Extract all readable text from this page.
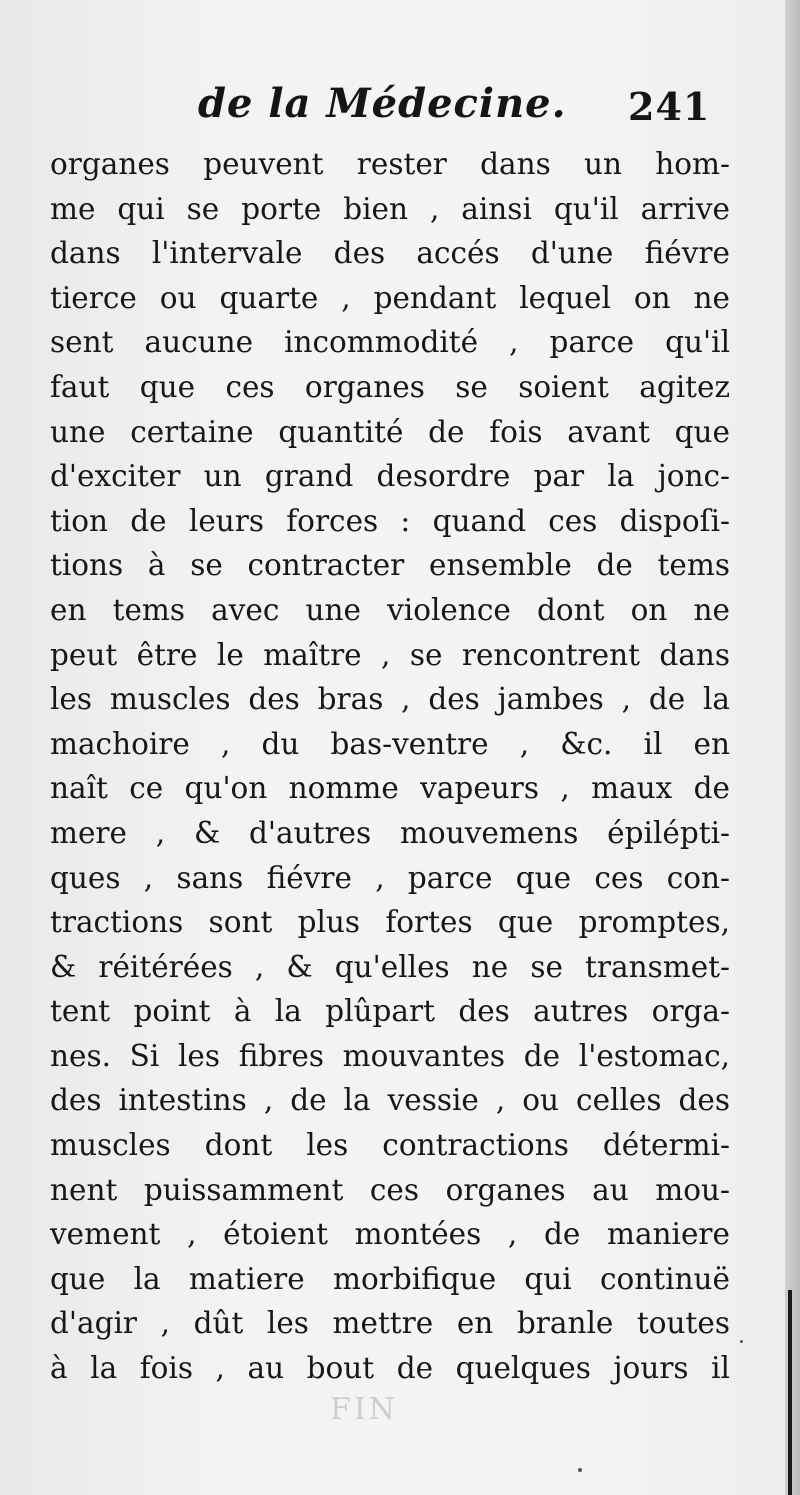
de la Médecine. 241
organes peuvent rester dans un hom-
me qui se porte bien , ainsi qu'il arrive
dans l'intervale des accés d'une fiévre
tierce ou quarte , pendant lequel on ne
sent aucune incommodité , parce qu'il
faut que ces organes se soient agitez
une certaine quantité de fois avant que
d'exciter un grand desordre par la jonc-
tion de leurs forces : quand ces dispoſi-
tions à se contracter ensemble de tems
en tems avec une violence dont on ne
peut être le maître , se rencontrent dans
les muscles des bras , des jambes , de la
machoire , du bas-ventre , &c. il en
naît ce qu'on nomme vapeurs , maux de
mere , & d'autres mouvemens épilépti-
ques , sans fiévre , parce que ces con-
tractions sont plus fortes que promptes,
& réitérées , & qu'elles ne se transmet-
tent point à la plûpart des autres orga-
nes. Si les fibres mouvantes de l'estomac,
des intestins , de la vessie , ou celles des
muscles dont les contractions détermi-
nent puissamment ces organes au mou-
vement , étoient montées , de maniere
que la matiere morbifique qui continuë
d'agir , dût les mettre en branle toutes
à la fois , au bout de quelques jours il
FIN
